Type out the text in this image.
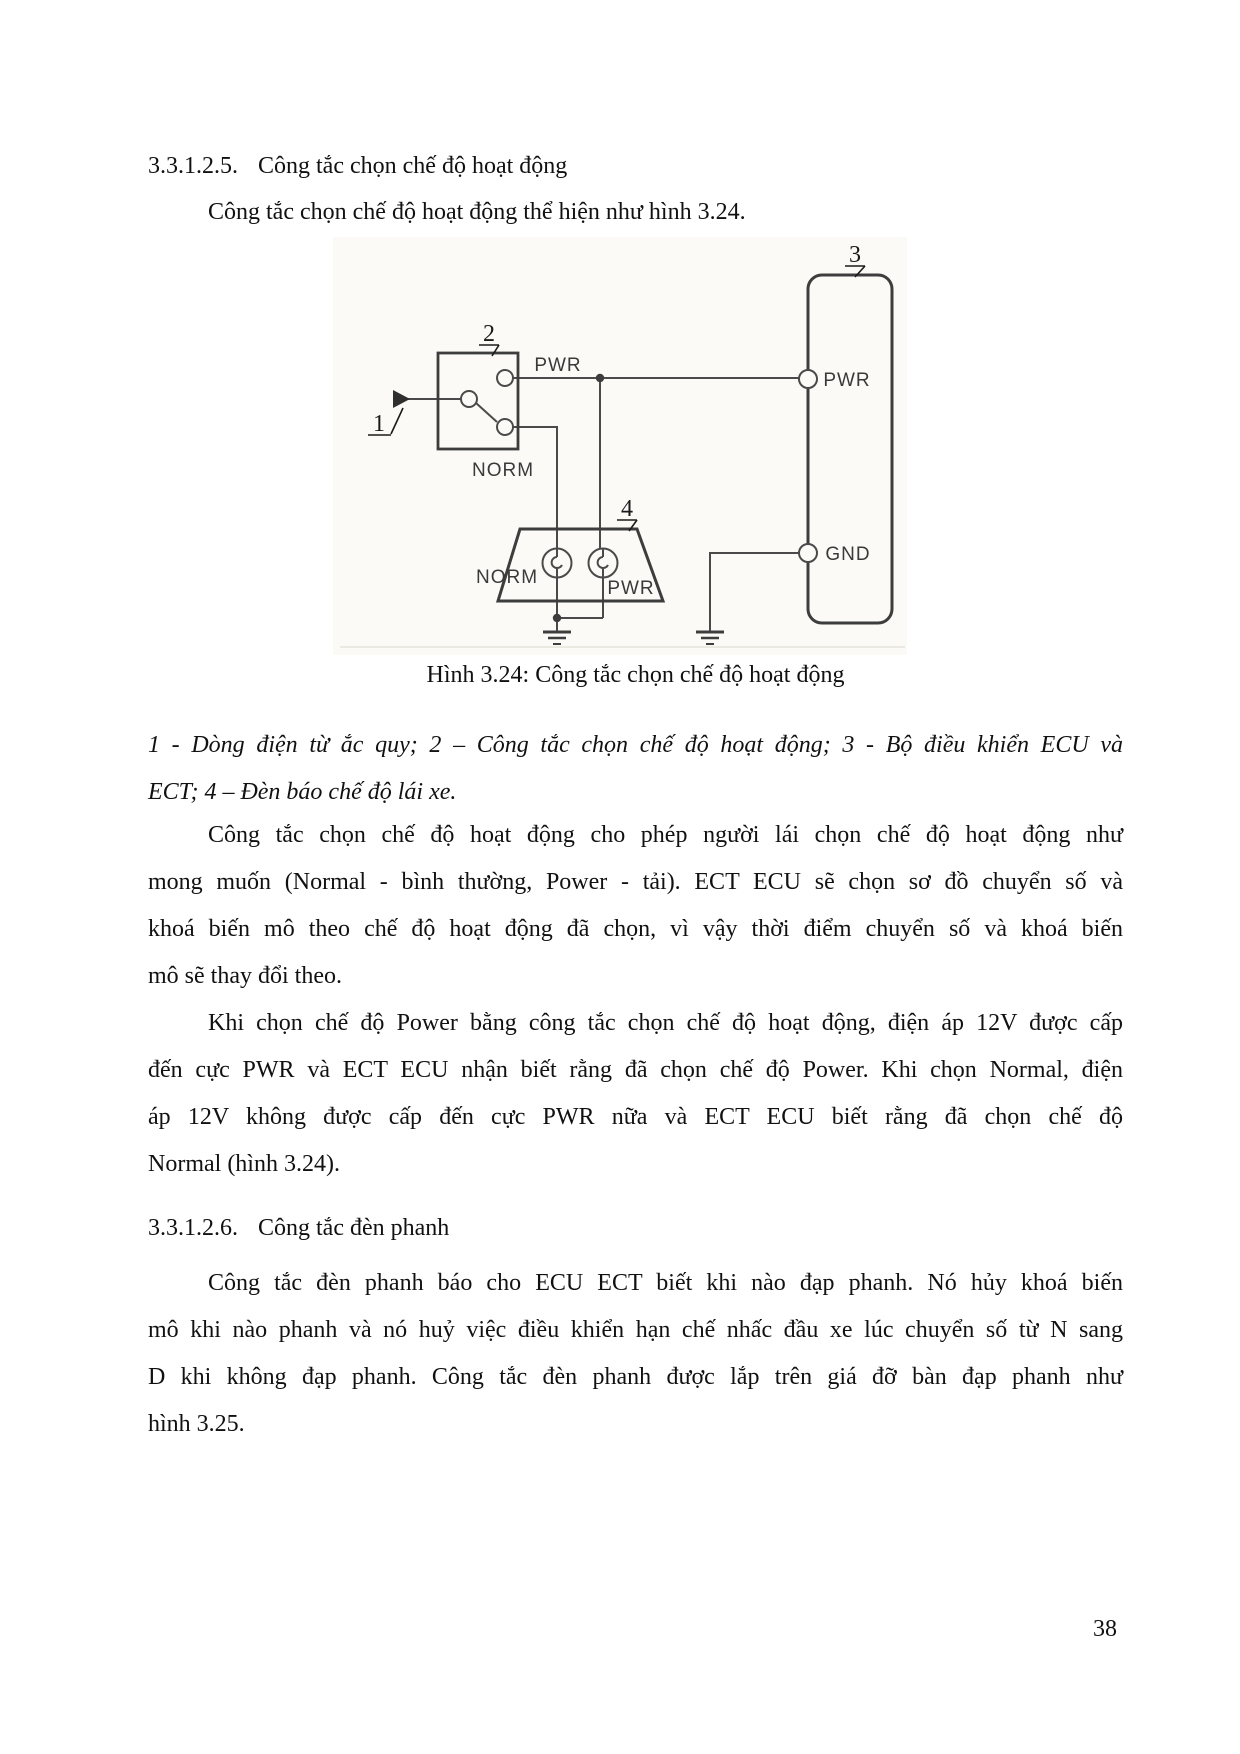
3.3.1.2.5. Công tắc chọn chế độ hoạt động
Công tắc chọn chế độ hoạt động thể hiện như hình 3.24.
PWR
NORM
NORM
PWR
PWR
GND
1
2
3
4
Hình 3.24: Công tắc chọn chế độ hoạt động
1 - Dòng điện từ ắc quy; 2 – Công tắc chọn chế độ hoạt động; 3 - Bộ điều khiển ECU và
ECT; 4 – Đèn báo chế độ lái xe.
Công tắc chọn chế độ hoạt động cho phép người lái chọn chế độ hoạt động như
mong muốn (Normal - bình thường, Power - tải). ECT ECU sẽ chọn sơ đồ chuyển số và
khoá biến mô theo chế độ hoạt động đã chọn, vì vậy thời điểm chuyển số và khoá biến
mô sẽ thay đổi theo.
Khi chọn chế độ Power bằng công tắc chọn chế độ hoạt động, điện áp 12V được cấp
đến cực PWR và ECT ECU nhận biết rằng đã chọn chế độ Power. Khi chọn Normal, điện
áp 12V không được cấp đến cực PWR nữa và ECT ECU biết rằng đã chọn chế độ
Normal (hình 3.24).
3.3.1.2.6. Công tắc đèn phanh
Công tắc đèn phanh báo cho ECU ECT biết khi nào đạp phanh. Nó hủy khoá biến
mô khi nào phanh và nó huỷ việc điều khiển hạn chế nhấc đầu xe lúc chuyển số từ N sang
D khi không đạp phanh. Công tắc đèn phanh được lắp trên giá đỡ bàn đạp phanh như
hình 3.25.
38
